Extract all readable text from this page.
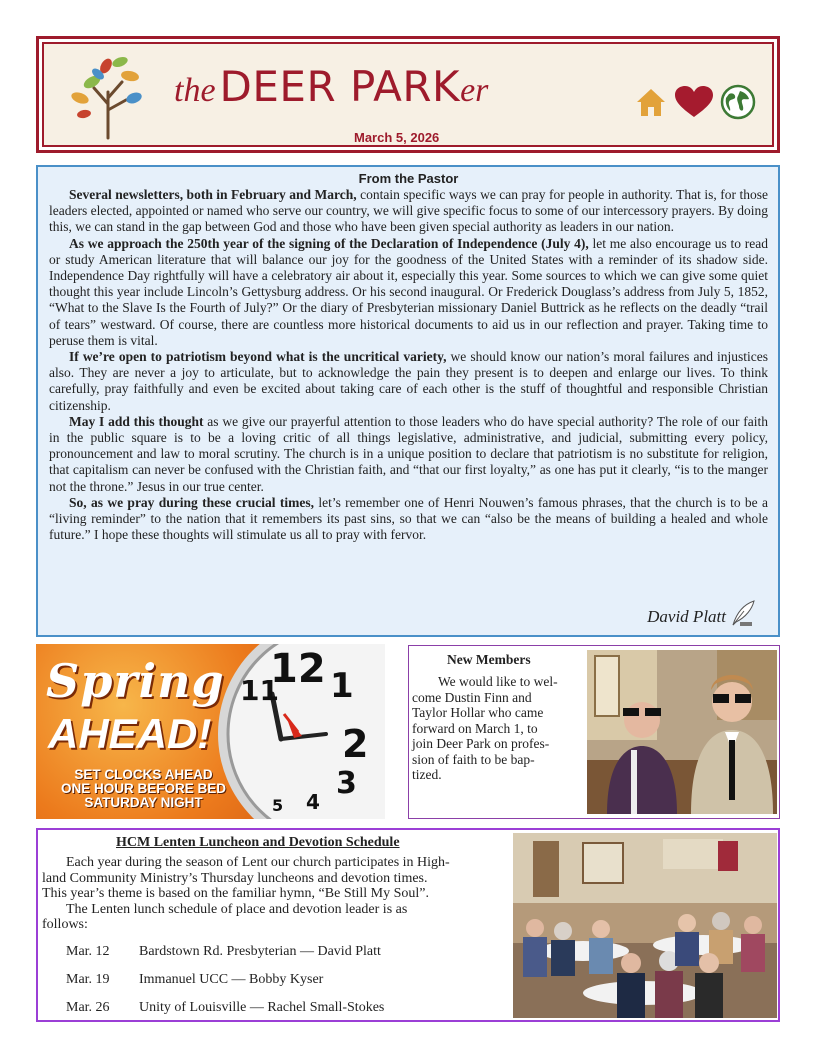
the DEER PARKer
March 5, 2026
From the Pastor

Several newsletters, both in February and March, contain specific ways we can pray for people in authority. That is, for those leaders elected, appointed or named who serve our country, we will give specific focus to some of our intercessory prayers. By doing this, we can stand in the gap between God and those who have been given special authority as leaders in our nation.

As we approach the 250th year of the signing of the Declaration of Independence (July 4), let me also encourage us to read or study American literature that will balance our joy for the goodness of the United States with a reminder of its shadow side. Independence Day rightfully will have a celebratory air about it, especially this year. Some sources to which we can give some quiet thought this year include Lincoln’s Gettysburg address. Or his second inaugural. Or Frederick Douglass’s address from July 5, 1852, “What to the Slave Is the Fourth of July?” Or the diary of Presbyterian missionary Daniel Buttrick as he reflects on the deadly “trail of tears” westward. Of course, there are countless more historical documents to aid us in our reflection and prayer. Taking time to peruse them is vital.

If we’re open to patriotism beyond what is the uncritical variety, we should know our nation’s moral failures and injustices also. They are never a joy to articulate, but to acknowledge the pain they present is to deepen and enlarge our lives. To think carefully, pray faithfully and even be excited about taking care of each other is the stuff of thoughtful and responsible Christian citizenship.

May I add this thought as we give our prayerful attention to those leaders who do have special authority? The role of our faith in the public square is to be a loving critic of all things legislative, administrative, and judicial, submitting every policy, pronouncement and law to moral scrutiny. The church is in a unique position to declare that patriotism is no substitute for religion, that capitalism can never be confused with the Christian faith, and “that our first loyalty,” as one has put it clearly, “is to the manger not the throne.” Jesus in our true center.

So, as we pray during these crucial times, let’s remember one of Henri Nouwen’s famous phrases, that the church is to be a “living reminder” to the nation that it remembers its past sins, so that we can “also be the means of building a healed and whole future.” I hope these thoughts will stimulate us all to pray with fervor.

David Platt
12
11 1
2
3
4
5
Spring
AHEAD!
SET CLOCKS AHEAD
ONE HOUR BEFORE BED
SATURDAY NIGHT
New Members
We would like to wel-
come Dustin Finn and
Taylor Hollar who came
forward on March 1, to
join Deer Park on profes-
sion of faith to be bap-
tized.
HCM Lenten Luncheon and Devotion Schedule
Each year during the season of Lent our church participates in High-
land Community Ministry’s Thursday luncheons and devotion times.
This year’s theme is based on the familiar hymn, “Be Still My Soul”.
The Lenten lunch schedule of place and devotion leader is as
follows:
Mar. 12 Bardstown Rd. Presbyterian — David Platt
Mar. 19 Immanuel UCC — Bobby Kyser
Mar. 26 Unity of Louisville — Rachel Small-Stokes
